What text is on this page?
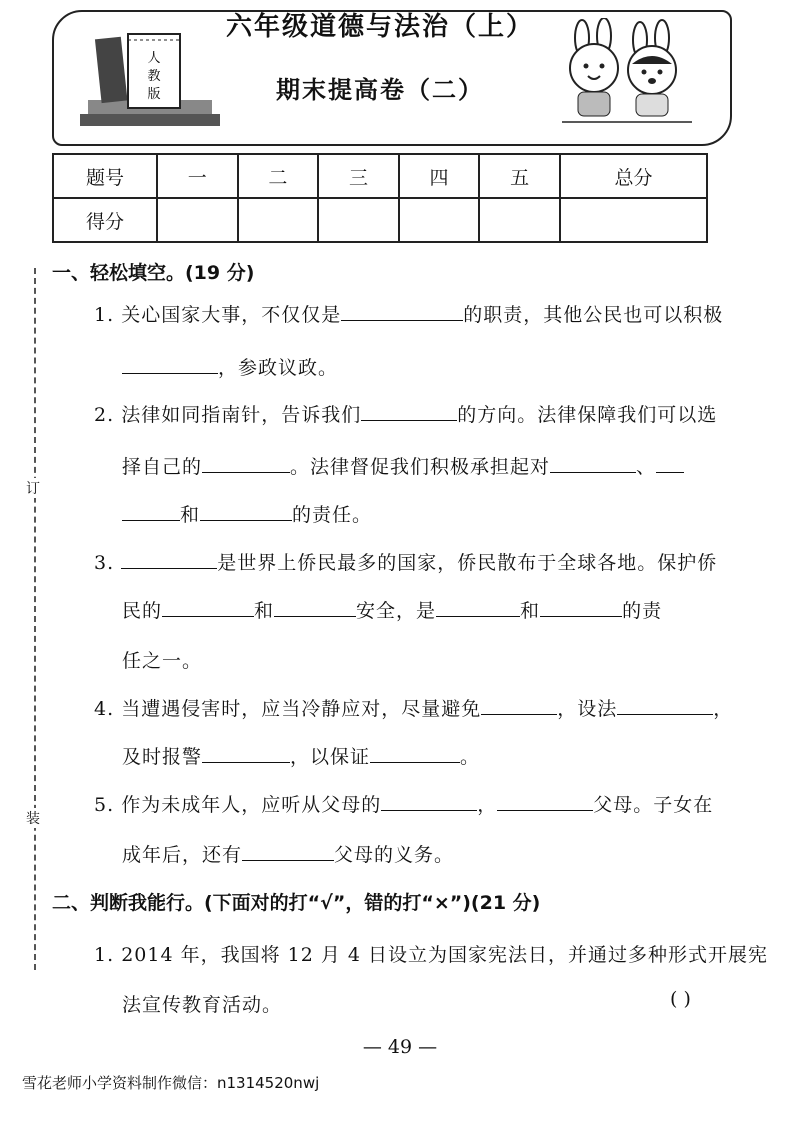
人
教
版
六年级道德与法治（上）
期末提高卷（二）
题号	一	二	三	四	五	总分
得分						
订
装
一、轻松填空。(19 分)
1. 关心国家大事，不仅仅是	的职责，其他公民也可以积极
，参政议政。
2. 法律如同指南针，告诉我们	的方向。法律保障我们可以选
择自己的	。法律督促我们积极承担起对	、
和	的责任。
3.	是世界上侨民最多的国家，侨民散布于全球各地。保护侨
民的	和	安全，是	和	的责
任之一。
4. 当遭遇侵害时，应当冷静应对，尽量避免	，设法	，
及时报警	，以保证	。
5. 作为未成年人，应听从父母的	，	父母。子女在
成年后，还有	父母的义务。
二、判断我能行。(下面对的打“√”，错的打“×”)(21 分)
1. 2014 年，我国将 12 月 4 日设立为国家宪法日，并通过多种形式开展宪
法宣传教育活动。	( )
— 49 —
雪花老师小学资料制作微信：n1314520nwj
